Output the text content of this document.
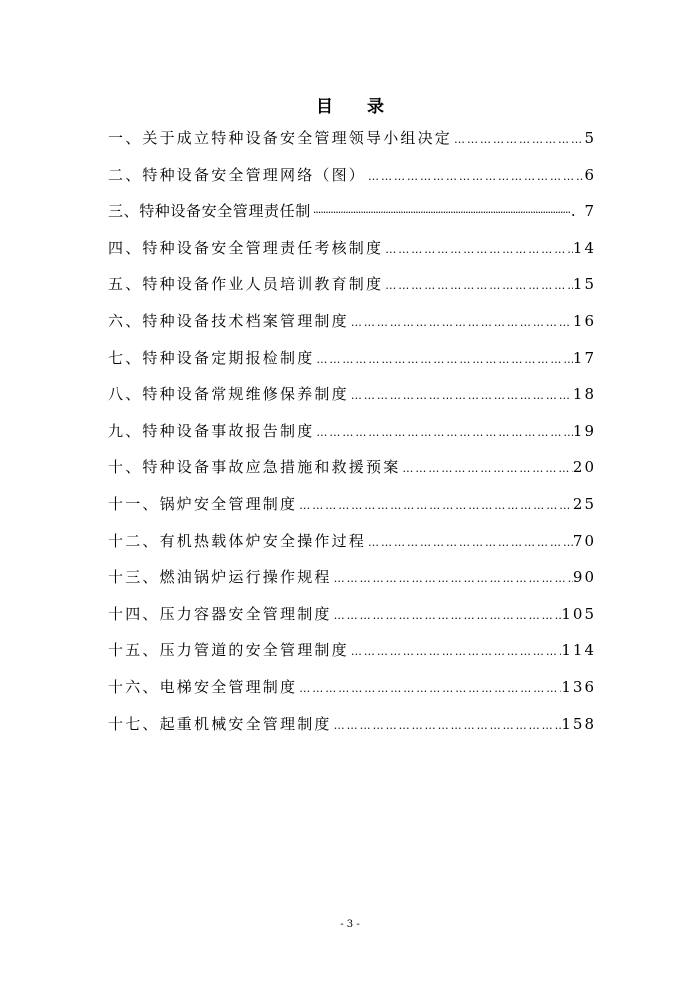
目 录
一、关于成立特种设备安全管理领导小组决定 …………………………………………………………………………………………………………………………………………	5
二、特种设备安全管理网络（图） …………………………………………………………………………………………………………………………………………	6
三、特种设备安全管理责任制 ·····	. 7
四、特种设备安全管理责任考核制度 …………………………………………………………………………………………………………………………………………	14
五、特种设备作业人员培训教育制度 …………………………………………………………………………………………………………………………………………	15
六、特种设备技术档案管理制度 …………………………………………………………………………………………………………………………………………	16
七、特种设备定期报检制度 …………………………………………………………………………………………………………………………………………	17
八、特种设备常规维修保养制度 …………………………………………………………………………………………………………………………………………	18
九、特种设备事故报告制度 …………………………………………………………………………………………………………………………………………	19
十、特种设备事故应急措施和救援预案 …………………………………………………………………………………………………………………………………………	20
十一、锅炉安全管理制度 …………………………………………………………………………………………………………………………………………	25
十二、有机热载体炉安全操作过程 …………………………………………………………………………………………………………………………………………	70
十三、燃油锅炉运行操作规程 …………………………………………………………………………………………………………………………………………	90
十四、压力容器安全管理制度 …………………………………………………………………………………………………………………………………………	105
十五、压力管道的安全管理制度 …………………………………………………………………………………………………………………………………………	114
十六、电梯安全管理制度 …………………………………………………………………………………………………………………………………………	136
十七、起重机械安全管理制度 …………………………………………………………………………………………………………………………………………	158
- 3 -
